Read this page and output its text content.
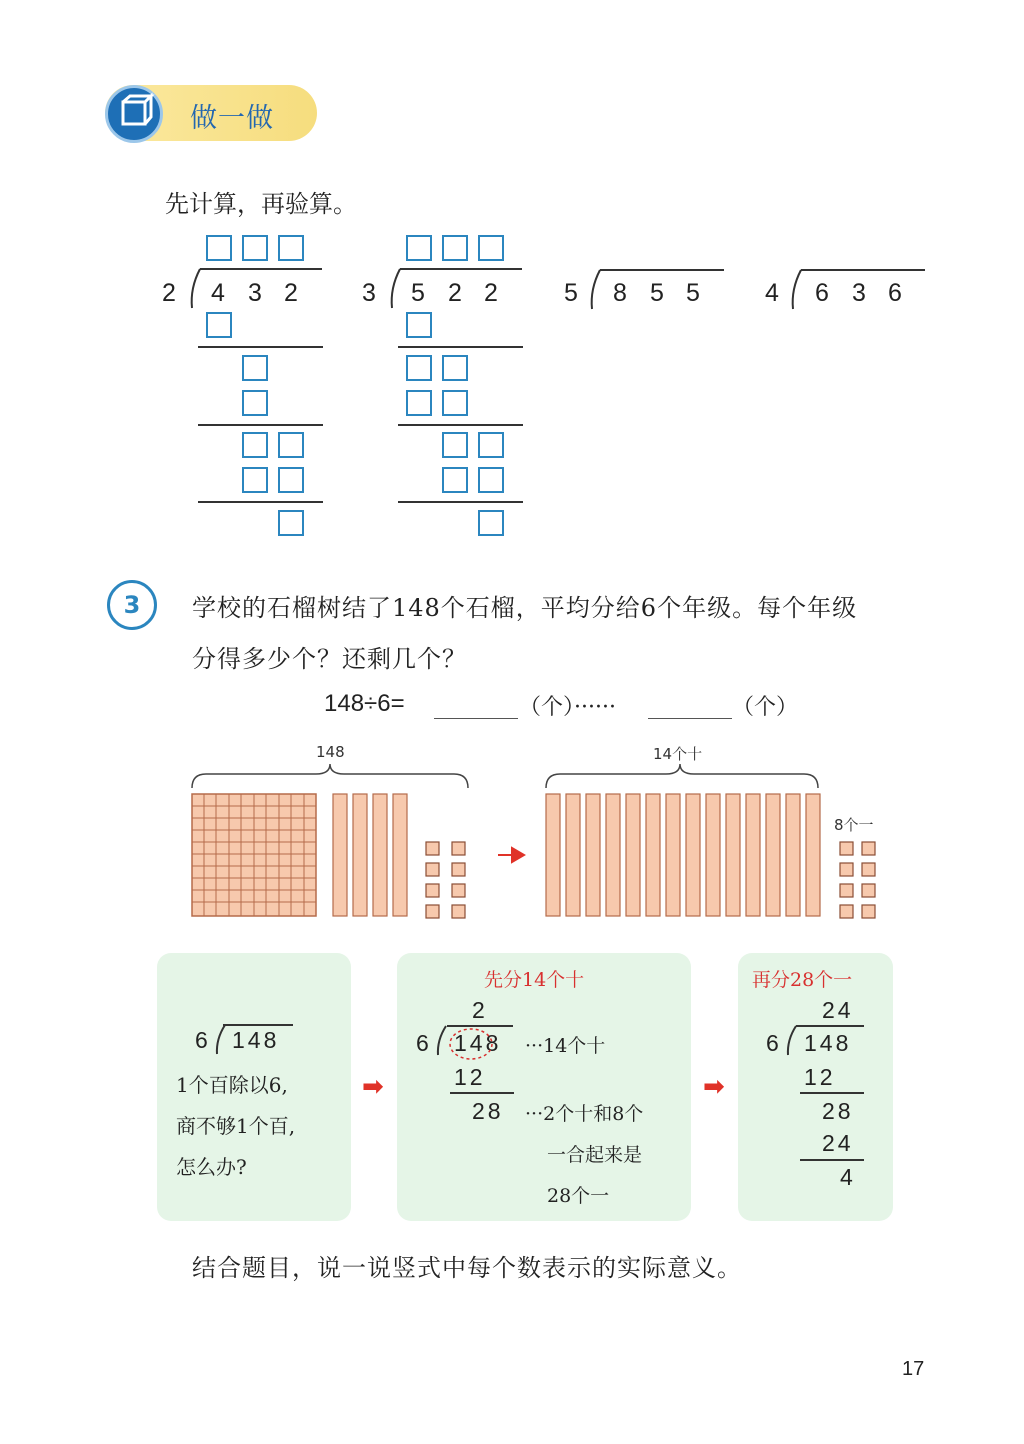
做一做
先计算，再验算。
2 4 3 2	3 5 2 2	5 8 5 5	4 6 3 6
3	学校的石榴树结了148个石榴，平均分给6个年级。每个年级
分得多少个？还剩几个？
148÷6=	（个）······	（个）
148	14个十
8个一
6 148
1个百除以6,
商不够1个百,
怎么办?
➡
先分14个十
2
6 148 ···14个十
12
28 ···2个十和8个
一合起来是
28个一
➡
再分28个一
24
6 148
12
28
24
4
结合题目，说一说竖式中每个数表示的实际意义。
17
